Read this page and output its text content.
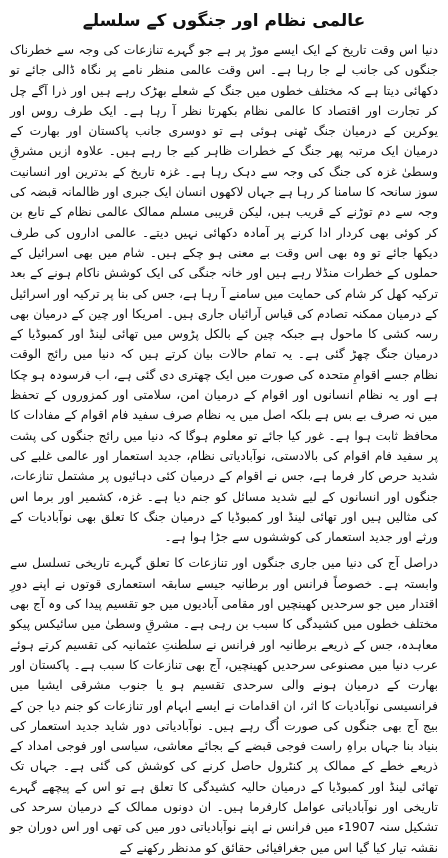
عالمی نظام اور جنگوں کے سلسلے

دنیا اس وقت تاریخ کے ایک ایسے موڑ پر ہے جو گہرے تنازعات کی وجہ سے خطرناک جنگوں کی جانب لے جا رہا ہے۔ اس وقت عالمی منظر نامے پر نگاہ ڈالی جائے تو دکھائی دیتا ہے کہ مختلف خطوں میں جنگ کے شعلے بھڑک رہے ہیں اور ذرا آگے چل کر تجارت اور اقتصاد کا عالمی نظام بکھرتا نظر آ رہا ہے۔ ایک طرف روس اور یوکرین کے درمیان جنگ ٹھنی ہوئی ہے تو دوسری جانب پاکستان اور بھارت کے درمیان ایک مرتبہ پھر جنگ کے خطرات ظاہر کیے جا رہے ہیں۔ علاوہ ازیں مشرقِ وسطیٰ غزہ کی جنگ کی وجہ سے دہک رہا ہے۔ غزہ تاریخ کے بدترین اور انسانیت سوز سانحہ کا سامنا کر رہا ہے جہاں لاکھوں انسان ایک جبری اور ظالمانہ قبضہ کی وجہ سے دم توڑنے کے قریب ہیں، لیکن قریبی مسلم ممالک عالمی نظام کے تابع بن کر کوئی بھی کردار ادا کرنے پر آمادہ دکھائی نہیں دیتے۔ عالمی اداروں کی طرف دیکھا جائے تو وہ بھی اس وقت بے معنی ہو چکے ہیں۔ شام میں بھی اسرائیل کے حملوں کے خطرات منڈلا رہے ہیں اور خانہ جنگی کی ایک کوشش ناکام ہونے کے بعد ترکیہ کھل کر شام کی حمایت میں سامنے آ رہا ہے، جس کی بنا پر ترکیہ اور اسرائیل کے درمیان ممکنہ تصادم کی قیاس آرائیاں جاری ہیں۔ امریکا اور چین کے درمیان بھی رسہ کشی کا ماحول ہے جبکہ چین کے بالکل پڑوس میں تھائی لینڈ اور کمبوڈیا کے درمیان جنگ چھڑ گئی ہے۔ یہ تمام حالات بیان کرتے ہیں کہ دنیا میں رائج الوقت نظام جسے اقوامِ متحدہ کی صورت میں ایک چھتری دی گئی ہے، اب فرسودہ ہو چکا ہے اور یہ نظام انسانوں اور اقوام کے درمیان امن، سلامتی اور کمزوروں کے تحفظ میں نہ صرف بے بس ہے بلکہ اصل میں یہ نظام صرف سفید فام اقوام کے مفادات کا محافظ ثابت ہوا ہے۔ غور کیا جائے تو معلوم ہوگا کہ دنیا میں رائج جنگوں کی پشت پر سفید فام اقوام کی بالادستی، نوآبادیاتی نظام، جدید استعمار اور عالمی غلبے کی شدید حرص کار فرما ہے، جس نے اقوام کے درمیان کئی دہائیوں پر مشتمل تنازعات، جنگوں اور انسانوں کے لیے شدید مسائل کو جنم دیا ہے۔ غزہ، کشمیر اور برما اس کی مثالیں ہیں اور تھائی لینڈ اور کمبوڈیا کے درمیان جنگ کا تعلق بھی نوآبادیات کے ورثے اور جدید استعمار کی کوششوں سے جڑا ہوا ہے۔

دراصل آج کی دنیا میں جاری جنگوں اور تنازعات کا تعلق گہرے تاریخی تسلسل سے وابستہ ہے۔ خصوصاً فرانس اور برطانیہ جیسے سابقہ استعماری قوتوں نے اپنے دورِ اقتدار میں جو سرحدیں کھینچیں اور مقامی آبادیوں میں جو تقسیم پیدا کی وہ آج بھی مختلف خطوں میں کشیدگی کا سبب بن رہی ہے۔ مشرقِ وسطیٰ میں سائیکس پیکو معاہدہ، جس کے ذریعے برطانیہ اور فرانس نے سلطنتِ عثمانیہ کی تقسیم کرتے ہوئے عرب دنیا میں مصنوعی سرحدیں کھینچیں، آج بھی تنازعات کا سبب ہے۔ پاکستان اور بھارت کے درمیان ہونے والی سرحدی تقسیم ہو یا جنوب مشرقی ایشیا میں فرانسیسی نوآبادیات کا اثر، ان اقدامات نے ایسے ابہام اور تنازعات کو جنم دیا جن کے بیج آج بھی جنگوں کی صورت اُگ رہے ہیں۔ نوآبادیاتی دور شاید جدید استعمار کی بنیاد بنا جہاں براہِ راست فوجی قبضے کے بجائے معاشی، سیاسی اور فوجی امداد کے ذریعے خطے کے ممالک پر کنٹرول حاصل کرنے کی کوشش کی گئی ہے۔ جہاں تک تھائی لینڈ اور کمبوڈیا کے درمیان حالیہ کشیدگی کا تعلق ہے تو اس کے پیچھے گہرے تاریخی اور نوآبادیاتی عوامل کارفرما ہیں۔ ان دونوں ممالک کے درمیان سرحد کی تشکیل سنہ 1907ء میں فرانس نے اپنے نوآبادیاتی دور میں کی تھی اور اس دوران جو نقشہ تیار کیا گیا اس میں جغرافیائی حقائق کو مدنظر رکھنے کے
